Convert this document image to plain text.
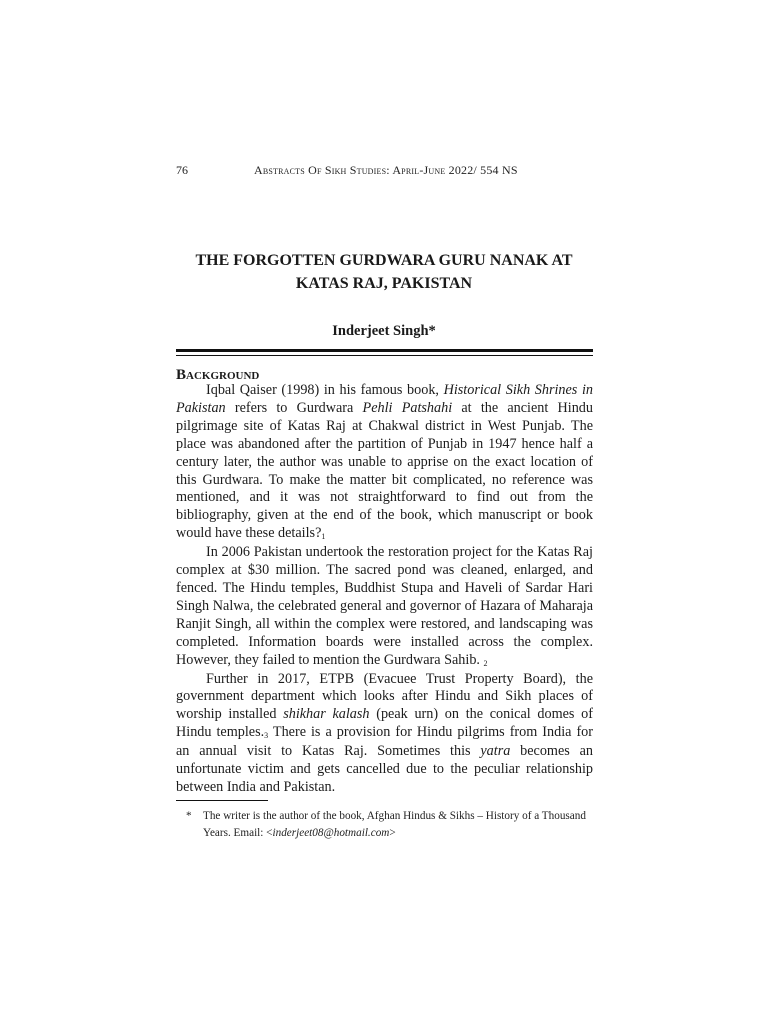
76	Abstracts Of Sikh Studies: April-June 2022/ 554 NS
THE FORGOTTEN GURDWARA GURU NANAK AT
KATAS RAJ, PAKISTAN
Inderjeet Singh*
Background

Iqbal Qaiser (1998) in his famous book, Historical Sikh Shrines in Pakistan refers to Gurdwara Pehli Patshahi at the ancient Hindu pilgrimage site of Katas Raj at Chakwal district in West Punjab. The place was abandoned after the partition of Punjab in 1947 hence half a century later, the author was unable to apprise on the exact location of this Gurdwara. To make the matter bit complicated, no reference was mentioned, and it was not straightforward to find out from the bibliography, given at the end of the book, which manuscript or book would have these details?$^1$

In 2006 Pakistan undertook the restoration project for the Katas Raj complex at $30 million. The sacred pond was cleaned, enlarged, and fenced. The Hindu temples, Buddhist Stupa and Haveli of Sardar Hari Singh Nalwa, the celebrated general and governor of Hazara of Maharaja Ranjit Singh, all within the complex were restored, and landscaping was completed. Information boards were installed across the complex. However, they failed to mention the Gurdwara Sahib. $^2$

Further in 2017, ETPB (Evacuee Trust Property Board), the government department which looks after Hindu and Sikh places of worship installed shikhar kalash (peak urn) on the conical domes of Hindu temples.$^3$ There is a provision for Hindu pilgrims from India for an annual visit to Katas Raj. Sometimes this yatra becomes an unfortunate victim and gets cancelled due to the peculiar relationship between India and Pakistan.

* The writer is the author of the book, Afghan Hindus & Sikhs – History of a Thousand Years. Email: <inderjeet08@hotmail.com>
